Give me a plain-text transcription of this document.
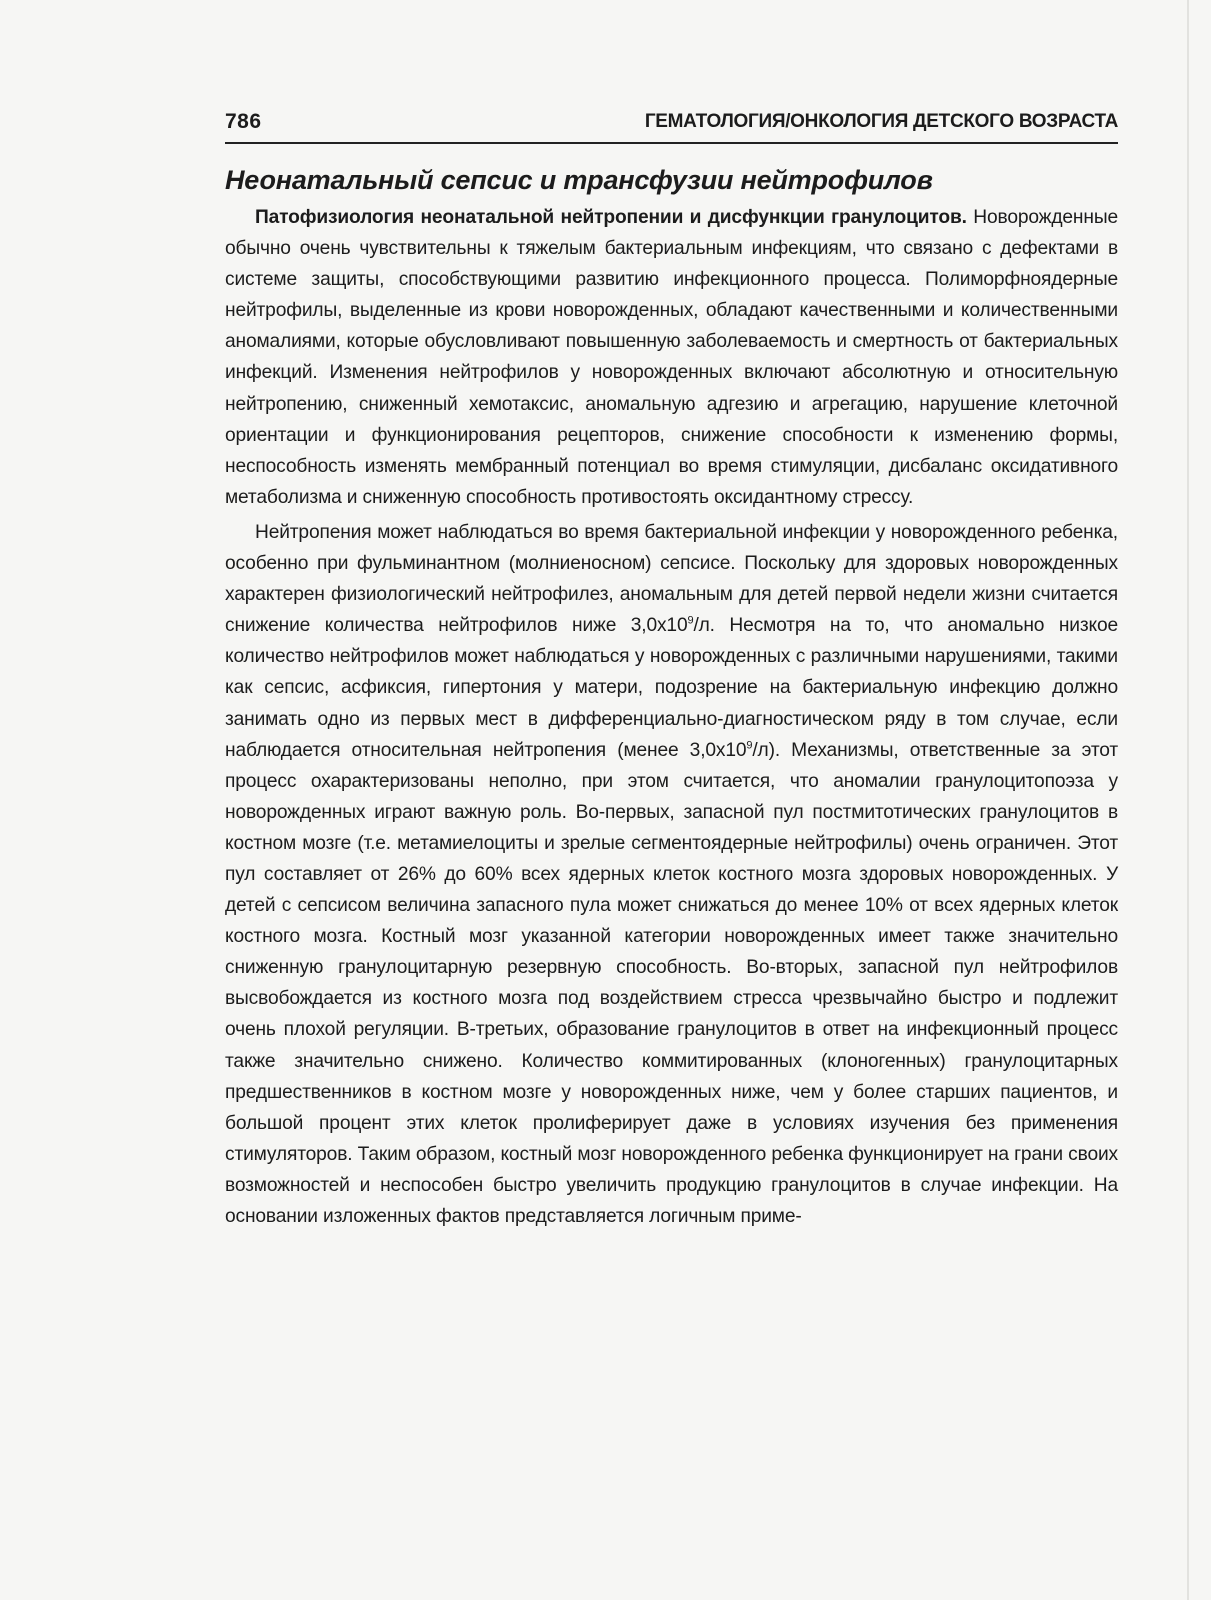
786	ГЕМАТОЛОГИЯ/ОНКОЛОГИЯ ДЕТСКОГО ВОЗРАСТА
Неонатальный сепсис и трансфузии нейтрофилов

Патофизиология неонатальной нейтропении и дисфункции гранулоцитов. Новорожденные обычно очень чувствительны к тяжелым бактериальным инфекциям, что связано с дефектами в системе защиты, способствующими развитию инфекционного процесса. Полиморфноядерные нейтрофилы, выделенные из крови новорожденных, обладают качественными и количественными аномалиями, которые обусловливают повышенную заболеваемость и смертность от бактериальных инфекций. Изменения нейтрофилов у новорожденных включают абсолютную и относительную нейтропению, сниженный хемотаксис, аномальную адгезию и агрегацию, нарушение клеточной ориентации и функционирования рецепторов, снижение способности к изменению формы, неспособность изменять мембранный потенциал во время стимуляции, дисбаланс оксидативного метаболизма и сниженную способность противостоять оксидантному стрессу.

Нейтропения может наблюдаться во время бактериальной инфекции у новорожденного ребенка, особенно при фульминантном (молниеносном) сепсисе. Поскольку для здоровых новорожденных характерен физиологический нейтрофилез, аномальным для детей первой недели жизни считается снижение количества нейтрофилов ниже $3,0x10^9/л$. Несмотря на то, что аномально низкое количество нейтрофилов может наблюдаться у новорожденных с различными нарушениями, такими как сепсис, асфиксия, гипертония у матери, подозрение на бактериальную инфекцию должно занимать одно из первых мест в дифференциально-диагностическом ряду в том случае, если наблюдается относительная нейтропения (менее $3,0x10^9/л$). Механизмы, ответственные за этот процесс охарактеризованы неполно, при этом считается, что аномалии гранулоцитопоэза у новорожденных играют важную роль. Во-первых, запасной пул постмитотических гранулоцитов в костном мозге (т.е. метамиелоциты и зрелые сегментоядерные нейтрофилы) очень ограничен. Этот пул составляет от 26% до 60% всех ядерных клеток костного мозга здоровых новорожденных. У детей с сепсисом величина запасного пула может снижаться до менее 10% от всех ядерных клеток костного мозга. Костный мозг указанной категории новорожденных имеет также значительно сниженную гранулоцитарную резервную способность. Во-вторых, запасной пул нейтрофилов высвобождается из костного мозга под воздействием стресса чрезвычайно быстро и подлежит очень плохой регуляции. В-третьих, образование гранулоцитов в ответ на инфекционный процесс также значительно снижено. Количество коммитированных (клоногенных) гранулоцитарных предшественников в костном мозге у новорожденных ниже, чем у более старших пациентов, и большой процент этих клеток пролиферирует даже в условиях изучения без применения стимуляторов. Таким образом, костный мозг новорожденного ребенка функционирует на грани своих возможностей и неспособен быстро увеличить продукцию гранулоцитов в случае инфекции. На основании изложенных фактов представляется логичным приме-
